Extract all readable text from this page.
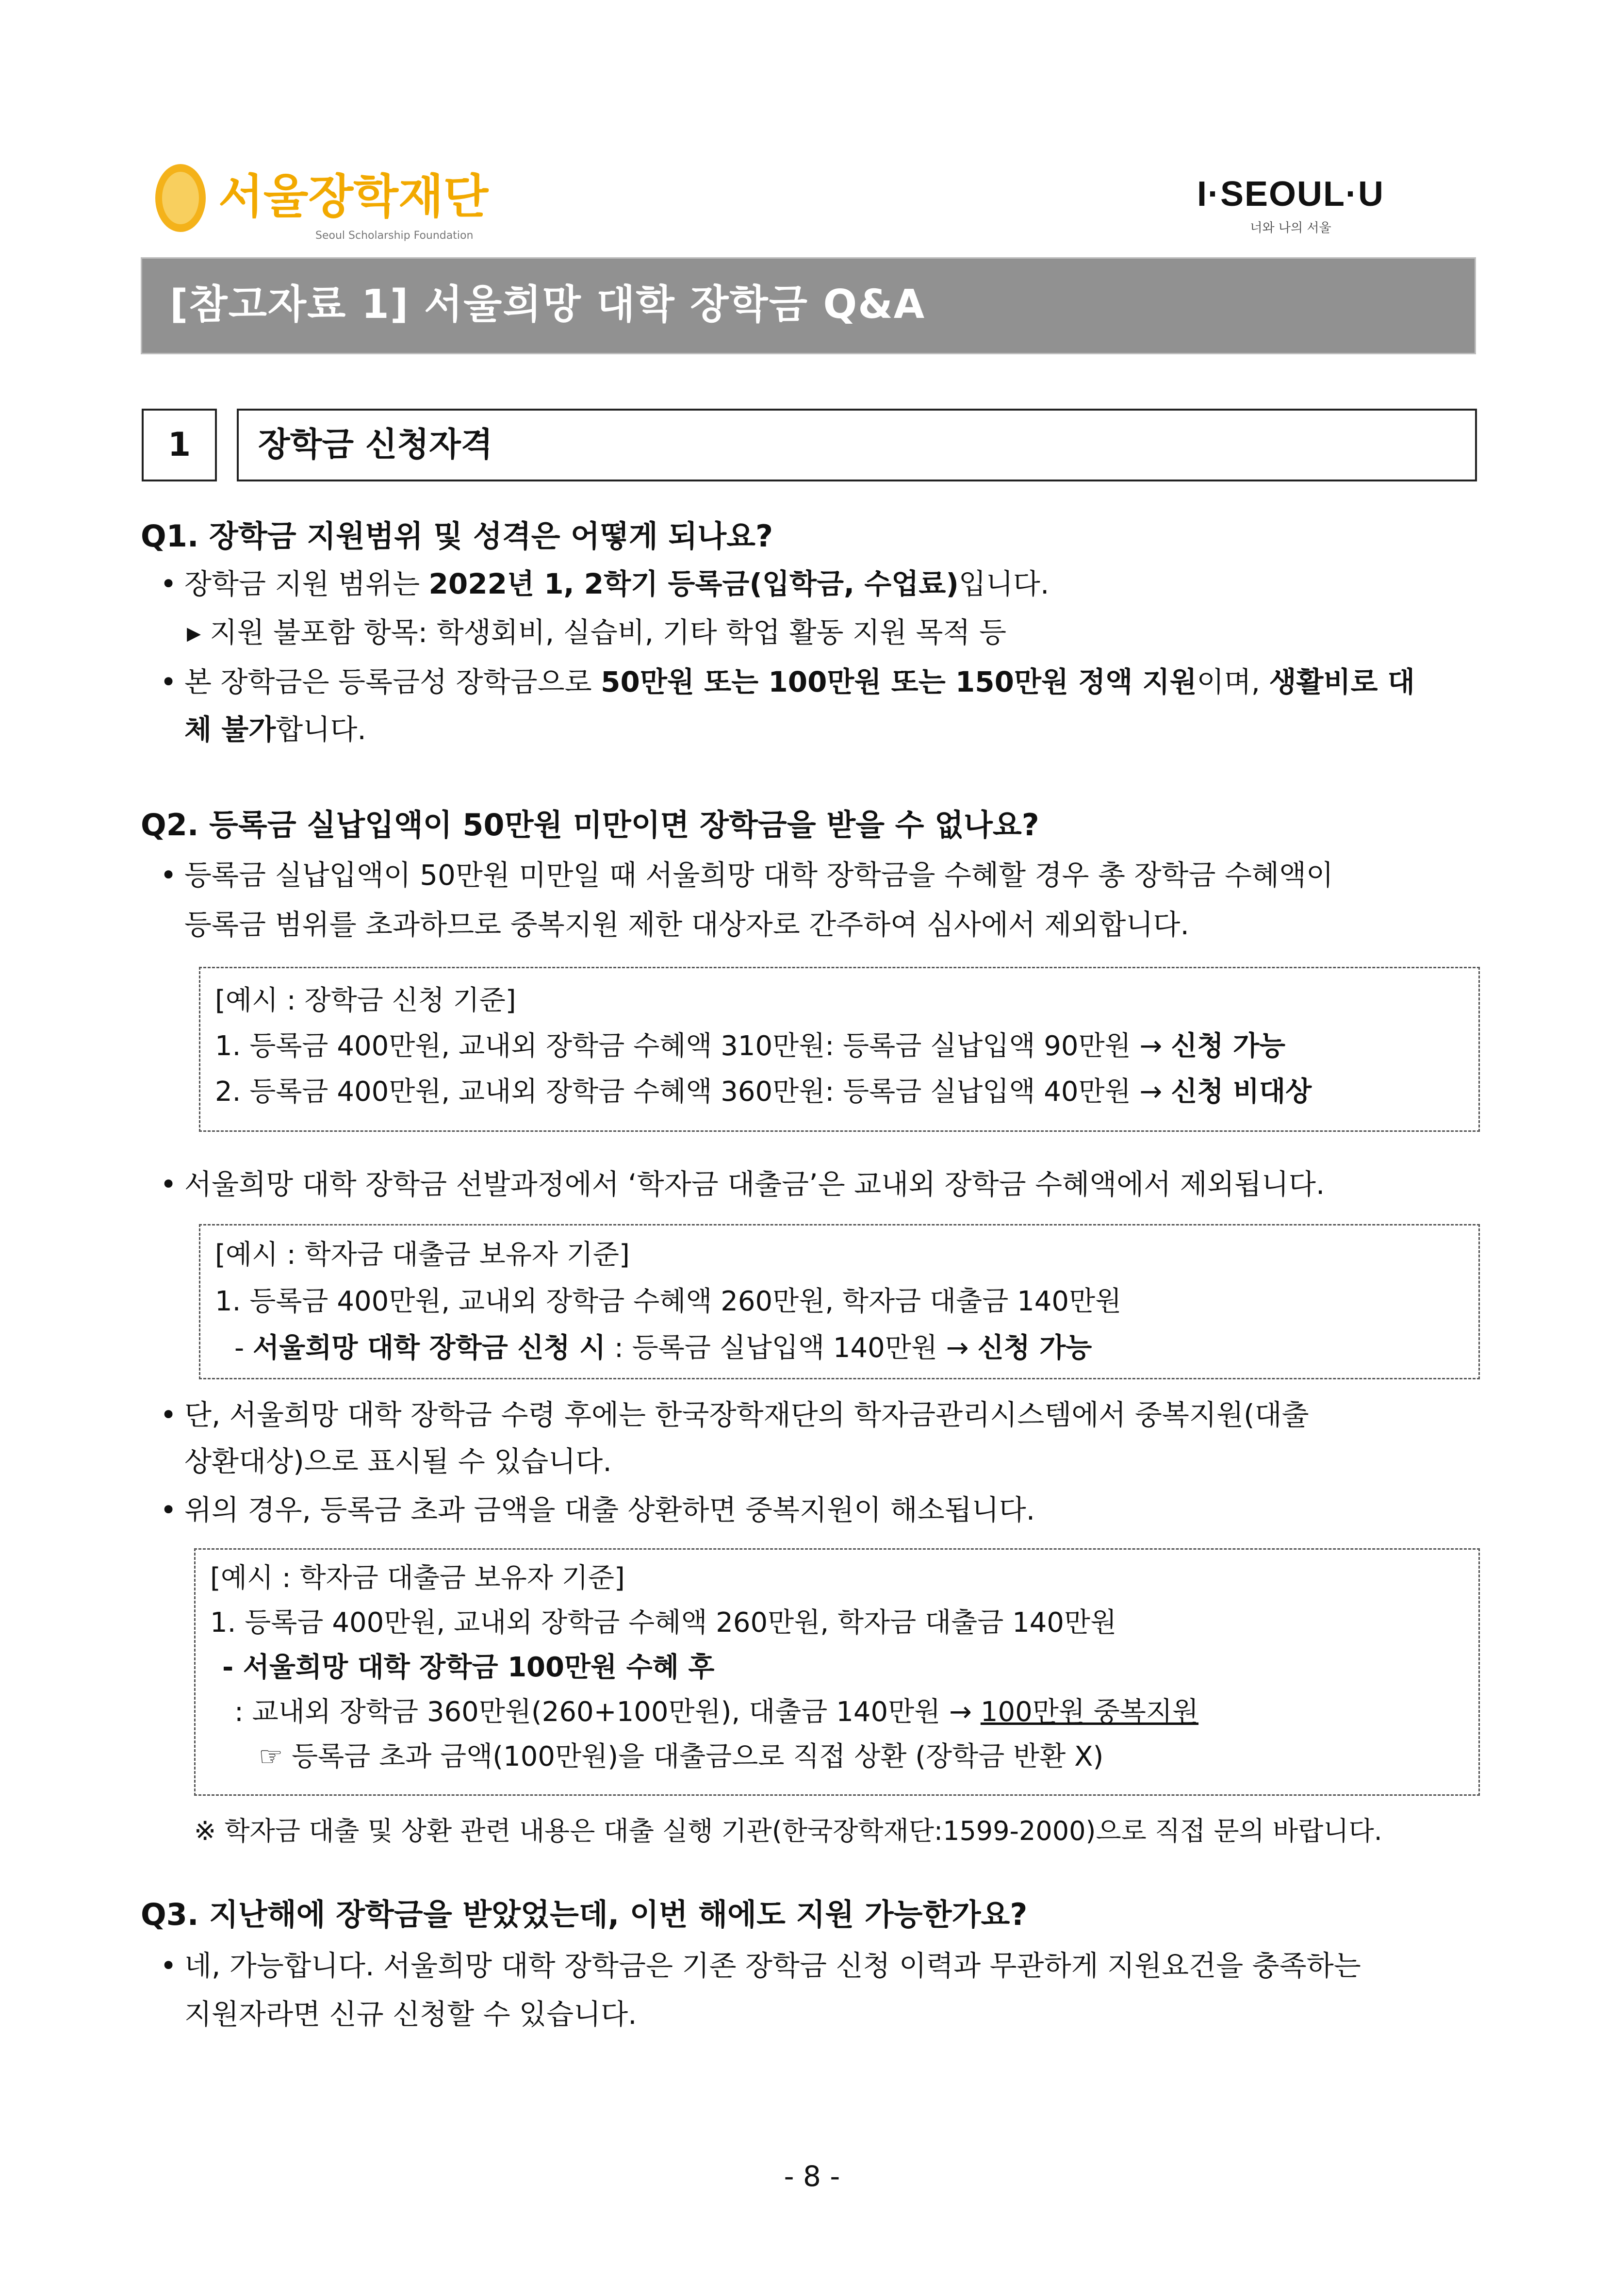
서울장학재단
Seoul Scholarship Foundation
I·SEOUL·U
너와 나의 서울
[참고자료 1] 서울희망 대학 장학금 Q&A
1	장학금 신청자격
Q1. 장학금 지원범위 및 성격은 어떻게 되나요?
• 장학금 지원 범위는 2022년 1, 2학기 등록금(입학금, 수업료)입니다.
▸ 지원 불포함 항목: 학생회비, 실습비, 기타 학업 활동 지원 목적 등
• 본 장학금은 등록금성 장학금으로 50만원 또는 100만원 또는 150만원 정액 지원이며, 생활비로 대
체 불가합니다.
Q2. 등록금 실납입액이 50만원 미만이면 장학금을 받을 수 없나요?
• 등록금 실납입액이 50만원 미만일 때 서울희망 대학 장학금을 수혜할 경우 총 장학금 수혜액이
등록금 범위를 초과하므로 중복지원 제한 대상자로 간주하여 심사에서 제외합니다.
[예시 : 장학금 신청 기준]
1. 등록금 400만원, 교내외 장학금 수혜액 310만원: 등록금 실납입액 90만원 → 신청 가능
2. 등록금 400만원, 교내외 장학금 수혜액 360만원: 등록금 실납입액 40만원 → 신청 비대상
• 서울희망 대학 장학금 선발과정에서 ‘학자금 대출금’은 교내외 장학금 수혜액에서 제외됩니다.
[예시 : 학자금 대출금 보유자 기준]
1. 등록금 400만원, 교내외 장학금 수혜액 260만원, 학자금 대출금 140만원
- 서울희망 대학 장학금 신청 시 : 등록금 실납입액 140만원 → 신청 가능
• 단, 서울희망 대학 장학금 수령 후에는 한국장학재단의 학자금관리시스템에서 중복지원(대출
상환대상)으로 표시될 수 있습니다.
• 위의 경우, 등록금 초과 금액을 대출 상환하면 중복지원이 해소됩니다.
[예시 : 학자금 대출금 보유자 기준]
1. 등록금 400만원, 교내외 장학금 수혜액 260만원, 학자금 대출금 140만원
- 서울희망 대학 장학금 100만원 수혜 후
: 교내외 장학금 360만원(260+100만원), 대출금 140만원 → 100만원 중복지원
☞ 등록금 초과 금액(100만원)을 대출금으로 직접 상환 (장학금 반환 X)
※ 학자금 대출 및 상환 관련 내용은 대출 실행 기관(한국장학재단:1599-2000)으로 직접 문의 바랍니다.
Q3. 지난해에 장학금을 받았었는데, 이번 해에도 지원 가능한가요?
• 네, 가능합니다. 서울희망 대학 장학금은 기존 장학금 신청 이력과 무관하게 지원요건을 충족하는
지원자라면 신규 신청할 수 있습니다.
- 8 -
